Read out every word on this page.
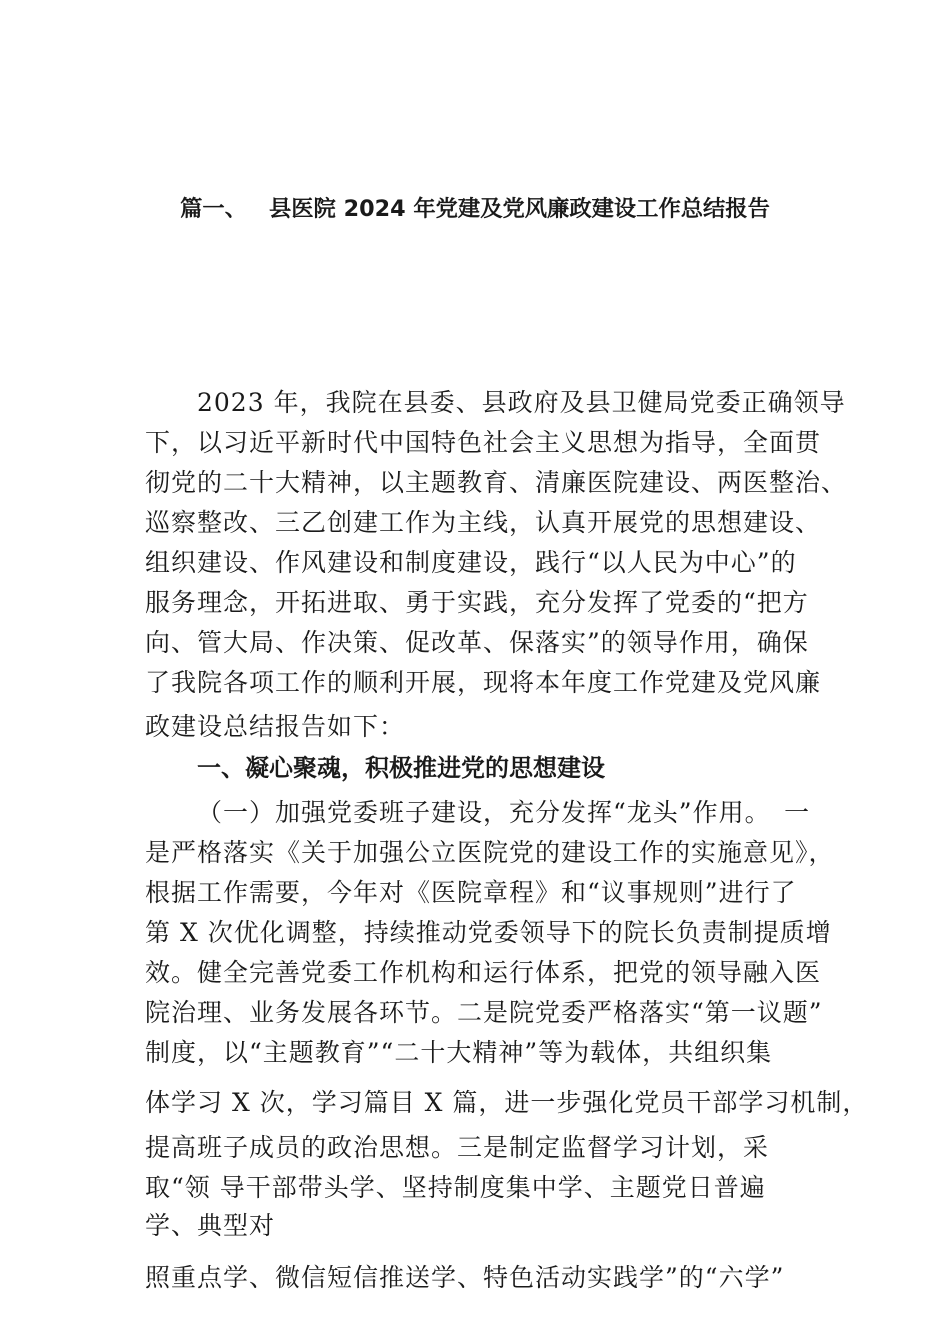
篇一、 县医院 2024 年党建及党风廉政建设工作总结报告
2023 年，我院在县委、县政府及县卫健局党委正确领导
下，以习近平新时代中国特色社会主义思想为指导，全面贯
彻党的二十大精神，以主题教育、清廉医院建设、两医整治、
巡察整改、三乙创建工作为主线，认真开展党的思想建设、
组织建设、作风建设和制度建设，践行“以人民为中心”的
服务理念，开拓进取、勇于实践，充分发挥了党委的“把方
向、管大局、作决策、促改革、保落实”的领导作用，确保
了我院各项工作的顺利开展，现将本年度工作党建及党风廉
政建设总结报告如下：
一、凝心聚魂，积极推进党的思想建设
（一）加强党委班子建设，充分发挥“龙头”作用。　一
是严格落实《关于加强公立医院党的建设工作的实施意见》，
根据工作需要，今年对《医院章程》和“议事规则”进行了
第 X 次优化调整，持续推动党委领导下的院长负责制提质增
效。健全完善党委工作机构和运行体系，把党的领导融入医
院治理、业务发展各环节。二是院党委严格落实“第一议题”
制度，以“主题教育”“二十大精神”等为载体，共组织集
体学习 X 次，学习篇目 X 篇，进一步强化党员干部学习机制，
提高班子成员的政治思想。三是制定监督学习计划，采
取“领 导干部带头学、坚持制度集中学、主题党日普遍
学、典型对
照重点学、微信短信推送学、特色活动实践学”的“六学”
